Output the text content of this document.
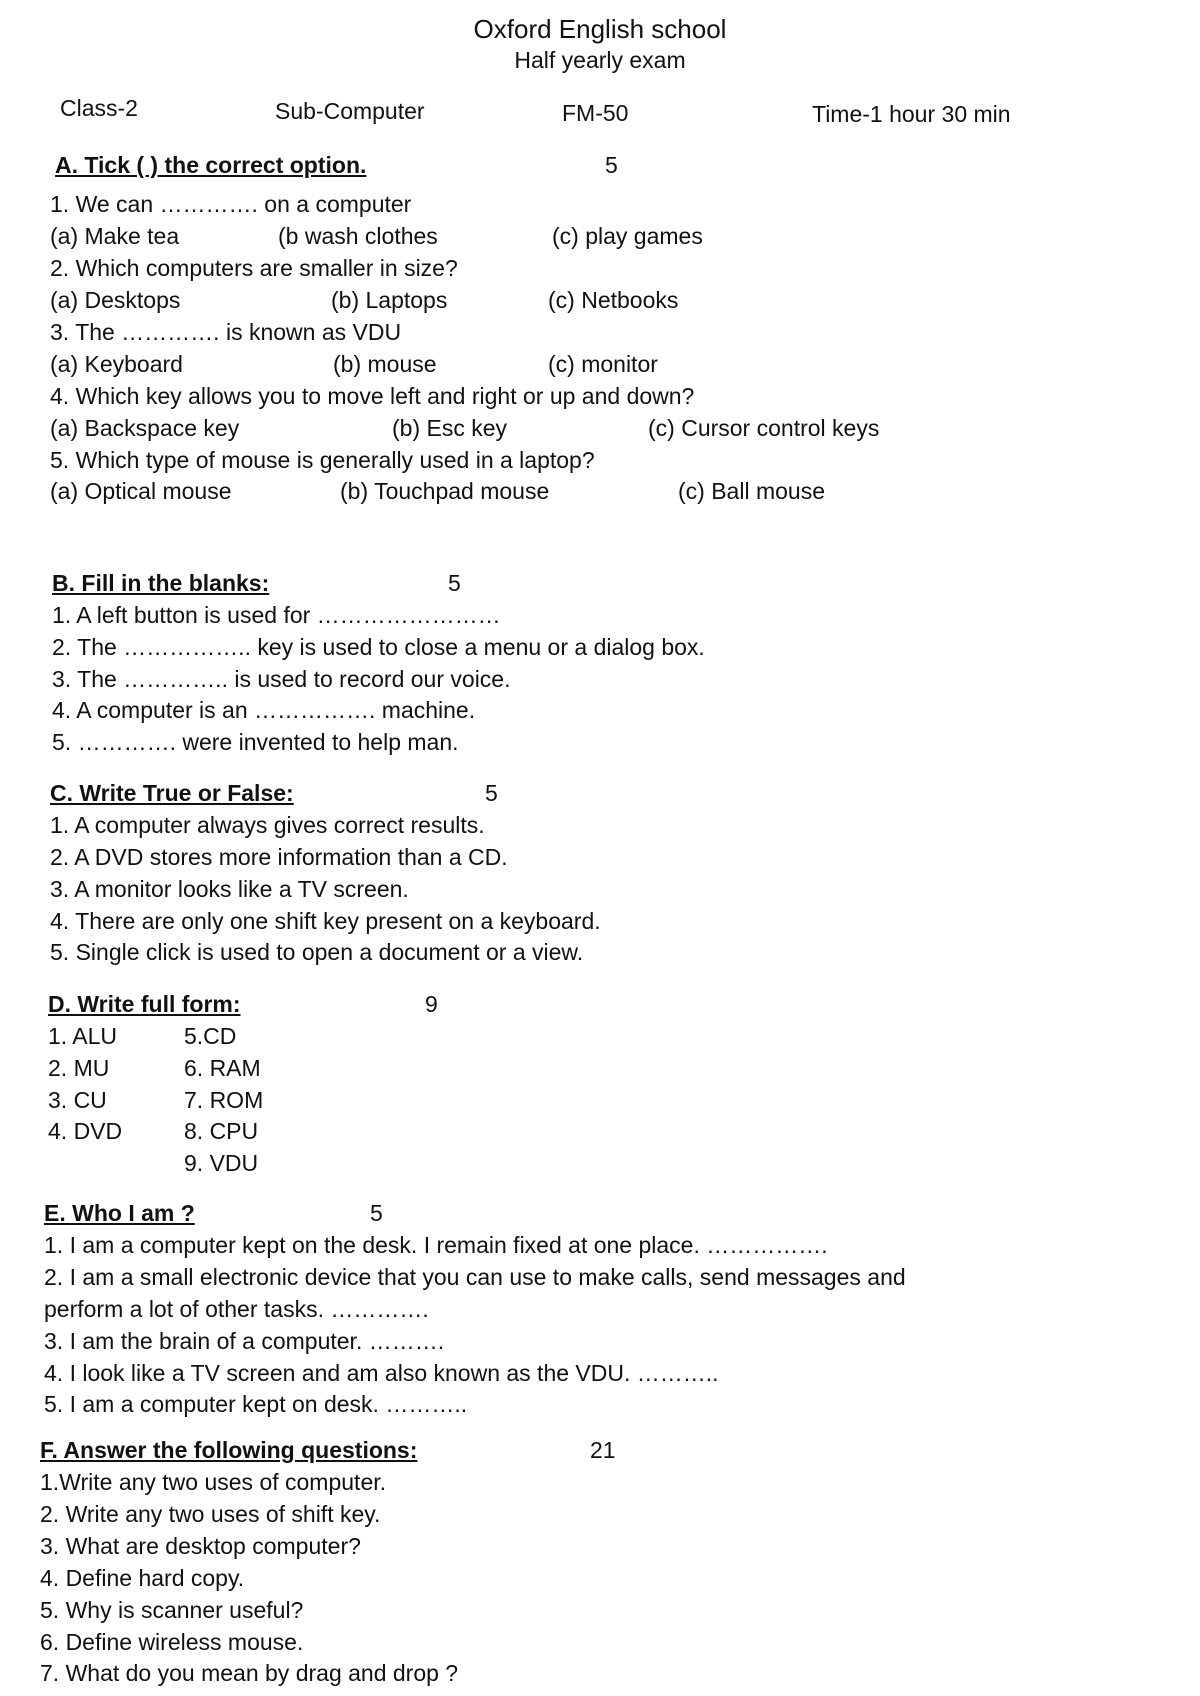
Oxford English school
Half yearly exam
Class-2	Sub-Computer	FM-50	Time-1 hour 30 min
A. Tick ( ) the correct option.	5
1. We can …………. on a computer
(a) Make tea	(b wash clothes	(c) play games
2. Which computers are smaller in size?
(a) Desktops	(b) Laptops	(c) Netbooks
3. The …………. is known as VDU
(a) Keyboard	(b) mouse	(c) monitor
4. Which key allows you to move left and right or up and down?
(a) Backspace key	(b) Esc key	(c) Cursor control keys
5. Which type of mouse is generally used in a laptop?
(a) Optical mouse	(b) Touchpad mouse	(c) Ball mouse
B. Fill in the blanks:	5
1. A left button is used for ……………………
2. The …………….. key is used to close a menu or a dialog box.
3. The ………….. is used to record our voice.
4. A computer is an ……………. machine.
5. …………. were invented to help man.
C. Write True or False:	5
1. A computer always gives correct results.
2. A DVD stores more information than a CD.
3. A monitor looks like a TV screen.
4. There are only one shift key present on a keyboard.
5. Single click is used to open a document or a view.
D. Write full form:	9
1. ALU
2. MU
3. CU
4. DVD
5.CD
6. RAM
7. ROM
8. CPU
9. VDU
E. Who I am ?	5
1. I am a computer kept on the desk. I remain fixed at one place. …………….
2. I am a small electronic device that you can use to make calls, send messages and
perform a lot of other tasks. ………….
3. I am the brain of a computer. ……….
4. I look like a TV screen and am also known as the VDU. ………..
5. I am a computer kept on desk. ………..
F. Answer the following questions:	21
1.Write any two uses of computer.
2. Write any two uses of shift key.
3. What are desktop computer?
4. Define hard copy.
5. Why is scanner useful?
6. Define wireless mouse.
7. What do you mean by drag and drop ?
